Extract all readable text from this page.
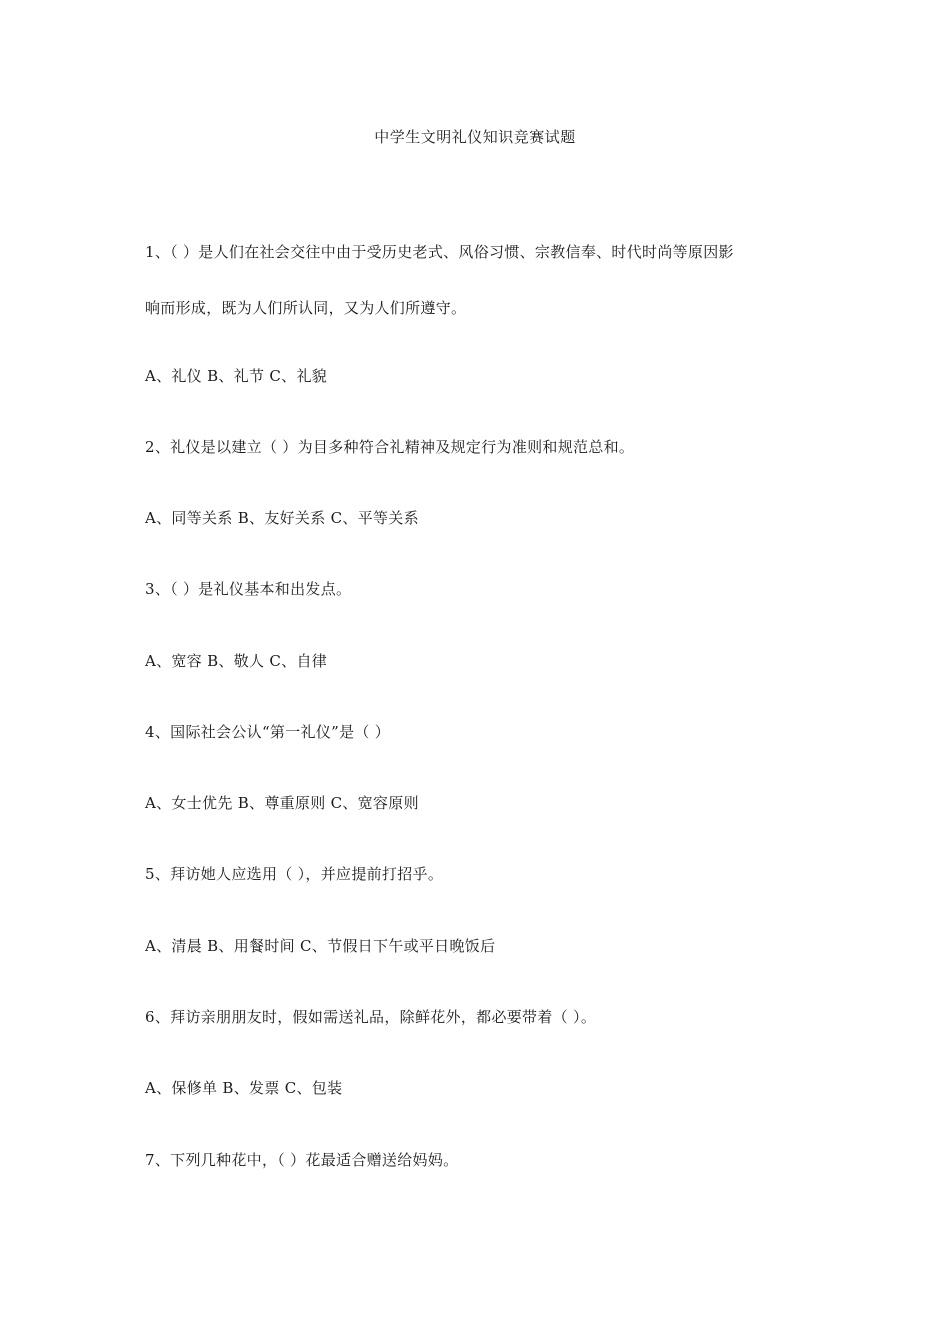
中学生文明礼仪知识竞赛试题
1、（ ）是人们在社会交往中由于受历史老式、风俗习惯、宗教信奉、时代时尚等原因影
响而形成，既为人们所认同，又为人们所遵守。
A、礼仪 B、礼节 C、礼貌
2、礼仪是以建立（ ）为目多种符合礼精神及规定行为准则和规范总和。
A、同等关系 B、友好关系 C、平等关系
3、（ ）是礼仪基本和出发点。
A、宽容 B、敬人 C、自律
4、国际社会公认“第一礼仪”是（ ）
A、女士优先 B、尊重原则 C、宽容原则
5、拜访她人应选用（ ），并应提前打招乎。
A、清晨 B、用餐时间 C、节假日下午或平日晚饭后
6、拜访亲朋朋友时，假如需送礼品，除鲜花外，都必要带着（ ）。
A、保修单 B、发票 C、包装
7、下列几种花中，（ ）花最适合赠送给妈妈。
